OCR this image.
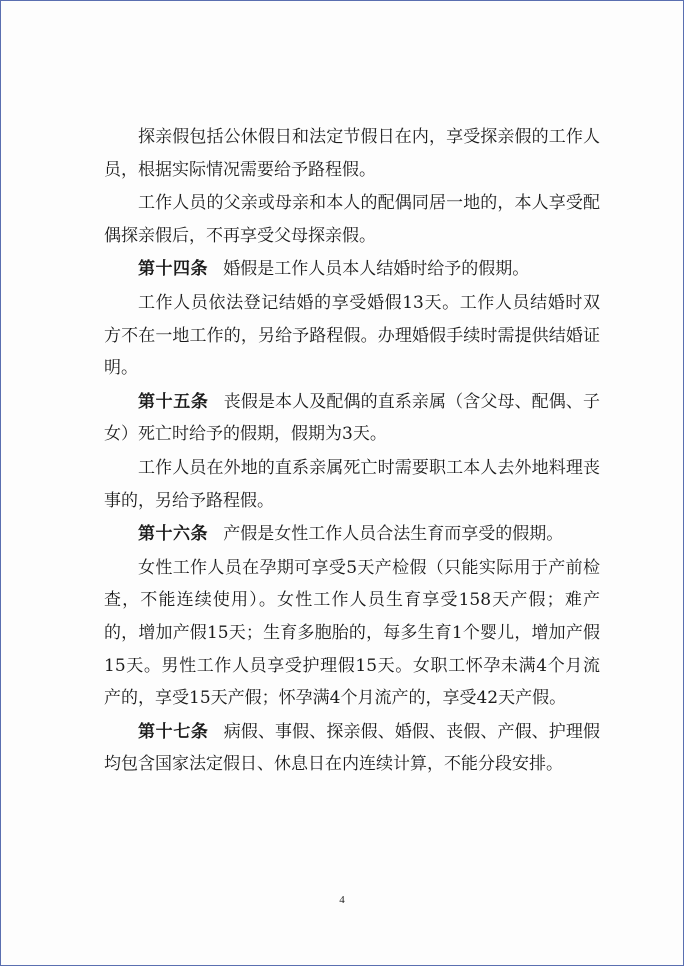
探亲假包括公休假日和法定节假日在内，享受探亲假的工作人员，根据实际情况需要给予路程假。

工作人员的父亲或母亲和本人的配偶同居一地的，本人享受配偶探亲假后，不再享受父母探亲假。

第十四条 婚假是工作人员本人结婚时给予的假期。

工作人员依法登记结婚的享受婚假13天。工作人员结婚时双方不在一地工作的，另给予路程假。办理婚假手续时需提供结婚证明。

第十五条 丧假是本人及配偶的直系亲属（含父母、配偶、子女）死亡时给予的假期，假期为3天。

工作人员在外地的直系亲属死亡时需要职工本人去外地料理丧事的，另给予路程假。

第十六条 产假是女性工作人员合法生育而享受的假期。

女性工作人员在孕期可享受5天产检假（只能实际用于产前检查，不能连续使用）。女性工作人员生育享受158天产假；难产的，增加产假15天；生育多胞胎的，每多生育1个婴儿，增加产假15天。男性工作人员享受护理假15天。女职工怀孕未满4个月流产的，享受15天产假；怀孕满4个月流产的，享受42天产假。

第十七条 病假、事假、探亲假、婚假、丧假、产假、护理假均包含国家法定假日、休息日在内连续计算，不能分段安排。

4
